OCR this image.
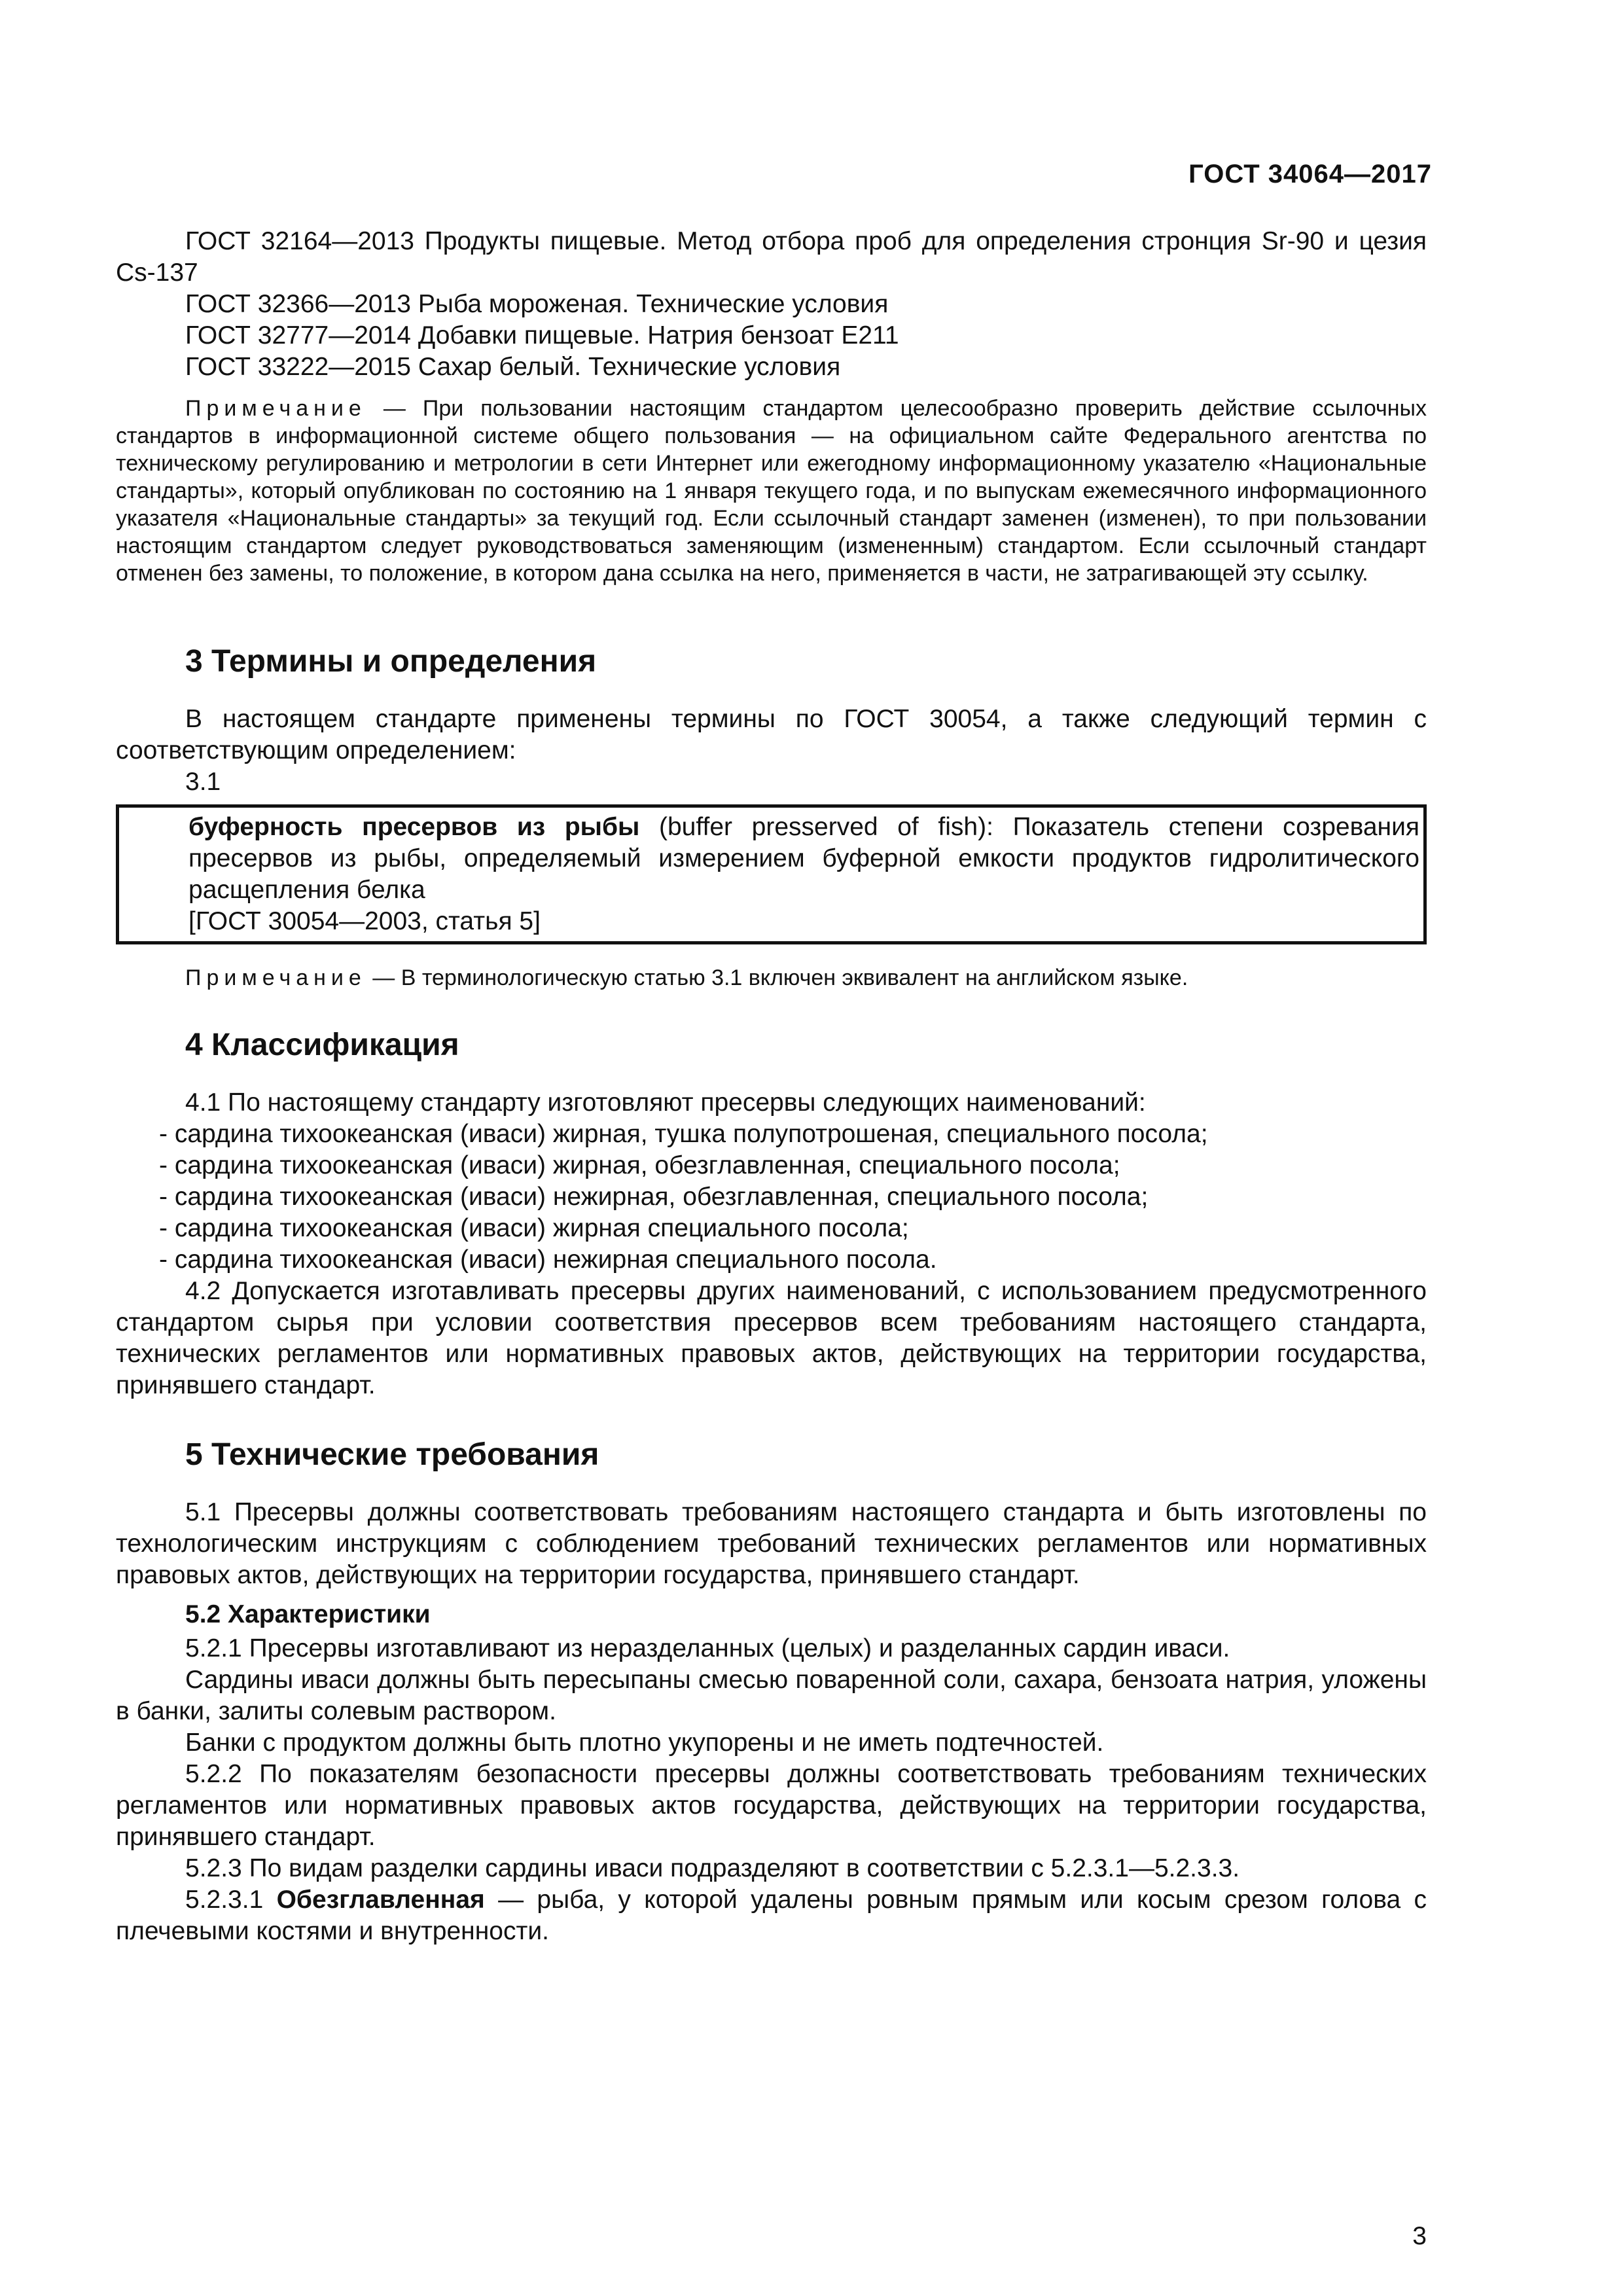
ГОСТ 34064—2017

ГОСТ 32164—2013 Продукты пищевые. Метод отбора проб для определения стронция Sr-90 и цезия Cs-137

ГОСТ 32366—2013 Рыба мороженая. Технические условия

ГОСТ 32777—2014 Добавки пищевые. Натрия бензоат Е211

ГОСТ 33222—2015 Сахар белый. Технические условия

Примечание — При пользовании настоящим стандартом целесообразно проверить действие ссылочных стандартов в информационной системе общего пользования — на официальном сайте Федерального агентства по техническому регулированию и метрологии в сети Интернет или ежегодному информационному указателю «Национальные стандарты», который опубликован по состоянию на 1 января текущего года, и по выпускам ежемесячного информационного указателя «Национальные стандарты» за текущий год. Если ссылочный стандарт заменен (изменен), то при пользовании настоящим стандартом следует руководствоваться заменяющим (измененным) стандартом. Если ссылочный стандарт отменен без замены, то положение, в котором дана ссылка на него, применяется в части, не затрагивающей эту ссылку.

3 Термины и определения

В настоящем стандарте применены термины по ГОСТ 30054, а также следующий термин с соответствующим определением:

3.1

буферность пресервов из рыбы (buffer presserved of fish): Показатель степени созревания пресервов из рыбы, определяемый измерением буферной емкости продуктов гидролитического расщепления белка

[ГОСТ 30054—2003, статья 5]

Примечание — В терминологическую статью 3.1 включен эквивалент на английском языке.

4 Классификация

4.1 По настоящему стандарту изготовляют пресервы следующих наименований:

- сардина тихоокеанская (иваси) жирная, тушка полупотрошеная, специального посола;

- сардина тихоокеанская (иваси) жирная, обезглавленная, специального посола;

- сардина тихоокеанская (иваси) нежирная, обезглавленная, специального посола;

- сардина тихоокеанская (иваси) жирная специального посола;

- сардина тихоокеанская (иваси) нежирная специального посола.

4.2 Допускается изготавливать пресервы других наименований, с использованием предусмотренного стандартом сырья при условии соответствия пресервов всем требованиям настоящего стандарта, технических регламентов или нормативных правовых актов, действующих на территории государства, принявшего стандарт.

5 Технические требования

5.1 Пресервы должны соответствовать требованиям настоящего стандарта и быть изготовлены по технологическим инструкциям с соблюдением требований технических регламентов или нормативных правовых актов, действующих на территории государства, принявшего стандарт.

5.2 Характеристики

5.2.1 Пресервы изготавливают из неразделанных (целых) и разделанных сардин иваси.

Сардины иваси должны быть пересыпаны смесью поваренной соли, сахара, бензоата натрия, уложены в банки, залиты солевым раствором.

Банки с продуктом должны быть плотно укупорены и не иметь подтечностей.

5.2.2 По показателям безопасности пресервы должны соответствовать требованиям технических регламентов или нормативных правовых актов государства, действующих на территории государства, принявшего стандарт.

5.2.3 По видам разделки сардины иваси подразделяют в соответствии с 5.2.3.1—5.2.3.3.

5.2.3.1 Обезглавленная — рыба, у которой удалены ровным прямым или косым срезом голова с плечевыми костями и внутренности.

3
